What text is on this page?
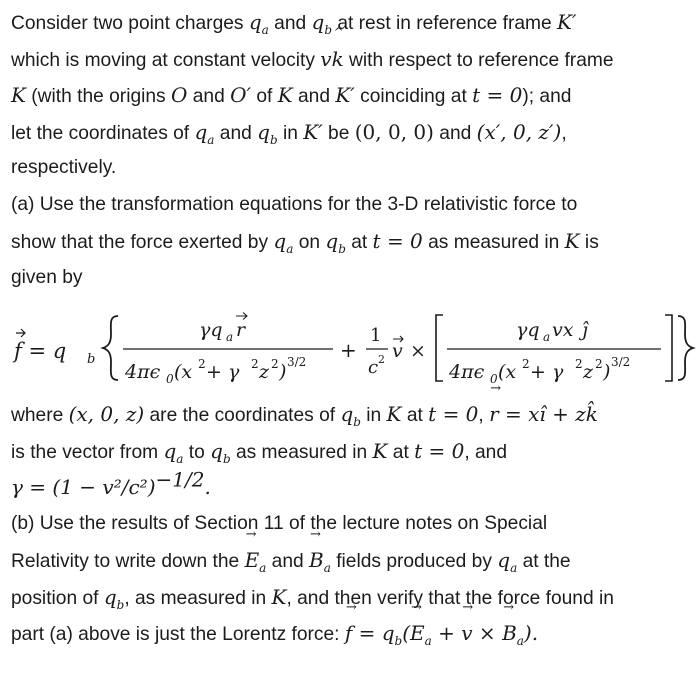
Consider two point charges $q_a$ and $q_b$ at rest in reference frame K′
which is moving at constant velocity v^ k with respect to reference frame
K (with the origins O and O′ of K and K′ coinciding at t = 0); and
let the coordinates of $q_a$ and $q_b$ in K′ be (0, 0, 0) and (x′, 0, z′),
respectively.
(a) Use the transformation equations for the 3-D relativistic force to
show that the force exerted by $q_a$ on $q_b$ at t = 0 as measured in K is
given by
f = q b
γq a r
4πϵ 0 (x 2 + γ 2 z 2 ) 3/2 +
1
c 2 v ×
γq a vx ĵ
4πϵ 0 (x 2 + γ 2 z 2 ) 3/2
where (x, 0, z) are the coordinates of $q_b$ in K at t = 0, → r = xî + zk̂
is the vector from $q_a$ to $q_b$ as measured in K at t = 0, and
$\gamma = (1 - v^2/c^2)^{-1/2}$.
(b) Use the results of Section 11 of the lecture notes on Special
Relativity to write down the → $E_a$ and → $B_a$ fields produced by $q_a$ at the
position of $q_b$, as measured in K, and then verify that the force found in
part (a) above is just the Lorentz force: → $f = q_b(\to E_a$ + → v × → $B_a$).
